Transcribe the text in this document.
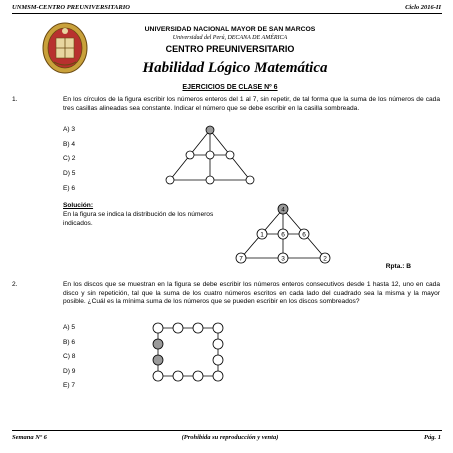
UNMSM-CENTRO PREUNIVERSITARIO	Ciclo 2016-II
UNIVERSIDAD NACIONAL MAYOR DE SAN MARCOS
Universidad del Perú, DECANA DE AMÉRICA
CENTRO PREUNIVERSITARIO
Habilidad Lógico Matemática
EJERCICIOS DE CLASE Nº 6
1.	En los círculos de la figura escribir los números enteros del 1 al 7, sin repetir, de tal forma que la suma de los números de cada tres casillas alineadas sea constante. Indicar el número que se debe escribir en la casilla sombreada.
A) 3
B) 4
C) 2
D) 5
E) 6
Solución:
En la figura se indica la distribución de los números indicados.
4
1	6	6
7	3	2
Rpta.: B
2.	En los discos que se muestran en la figura se debe escribir los números enteros consecutivos desde 1 hasta 12, uno en cada disco y sin repetición, tal que la suma de los cuatro números escritos en cada lado del cuadrado sea la misma y la mayor posible. ¿Cuál es la mínima suma de los números que se pueden escribir en los discos sombreados?
A) 5
B) 6
C) 8
D) 9
E) 7
Semana Nº 6	(Prohibida su reproducción y venta)	Pág. 1
